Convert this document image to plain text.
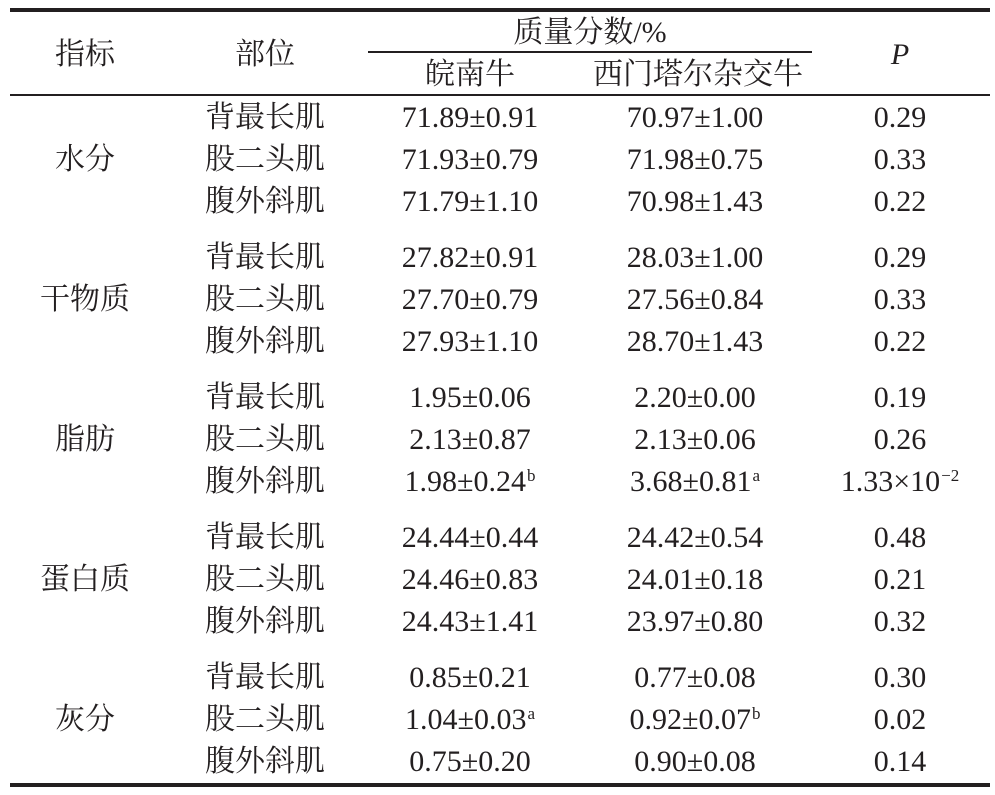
指标	部位
质量分数/%
皖南牛	西门塔尔杂交牛
P
水分
背最长肌	71.89±0.91	70.97±1.00	0.29
股二头肌	71.93±0.79	71.98±0.75	0.33
腹外斜肌	71.79±1.10	70.98±1.43	0.22
干物质
背最长肌	27.82±0.91	28.03±1.00	0.29
股二头肌	27.70±0.79	27.56±0.84	0.33
腹外斜肌	27.93±1.10	28.70±1.43	0.22
脂肪
背最长肌	1.95±0.06	2.20±0.00	0.19
股二头肌	2.13±0.87	2.13±0.06	0.26
腹外斜肌	1.98±0.24$^b$	3.68±0.81$^a$	$1.33\times 10^{-2}$
蛋白质
背最长肌	24.44±0.44	24.42±0.54	0.48
股二头肌	24.46±0.83	24.01±0.18	0.21
腹外斜肌	24.43±1.41	23.97±0.80	0.32
灰分
背最长肌	0.85±0.21	0.77±0.08	0.30
股二头肌	1.04±0.03$^a$	0.92±0.07$^b$	0.02
腹外斜肌	0.75±0.20	0.90±0.08	0.14
